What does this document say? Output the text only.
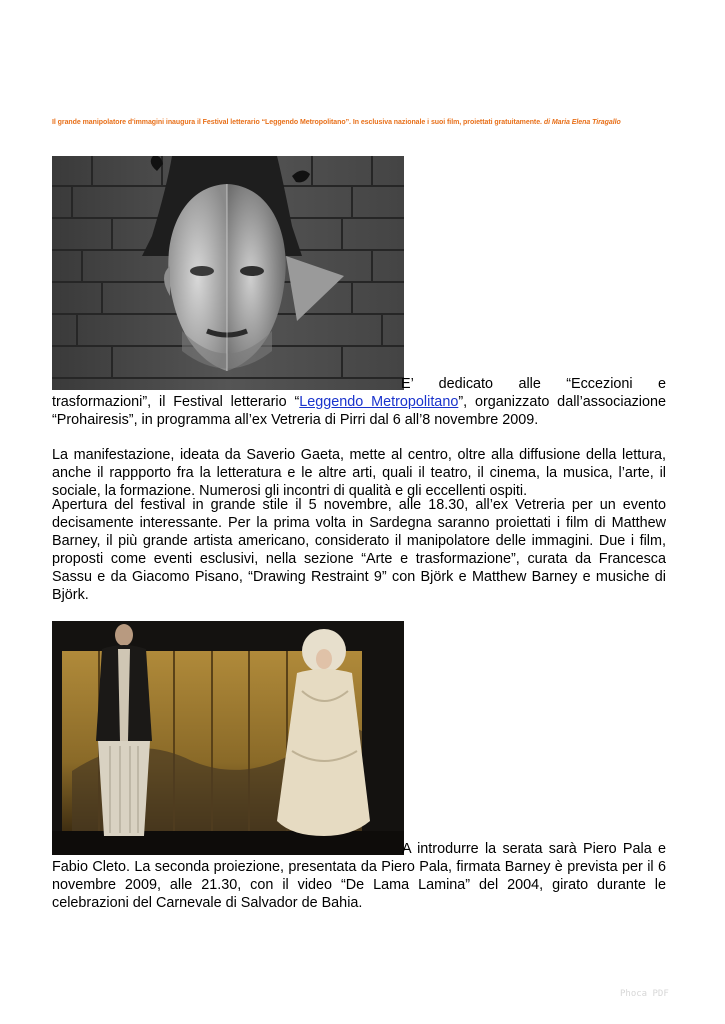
Il grande manipolatore d'immagini inaugura il Festival letterario “Leggendo Metropolitano”. In esclusiva nazionale i suoi film, proiettati gratuitamente. di Maria Elena Tiragallo
E’ dedicato alle “Eccezioni e
trasformazioni”, il Festival letterario “Leggendo Metropolitano”, organizzato dall’associazione “Prohairesis”, in programma all’ex Vetreria di Pirri dal 6 all’8 novembre 2009.
La manifestazione, ideata da Saverio Gaeta, mette al centro, oltre alla diffusione della lettura, anche il rappporto fra la letteratura e le altre arti, quali il teatro, il cinema, la musica, l’arte, il sociale, la formazione. Numerosi gli incontri di qualità e gli eccellenti ospiti.
Apertura del festival in grande stile il 5 novembre, alle 18.30, all’ex Vetreria per un evento decisamente interessante. Per la prima volta in Sardegna saranno proiettati i film di Matthew Barney, il più grande artista americano, considerato il manipolatore delle immagini. Due i film, proposti come eventi esclusivi, nella sezione “Arte e trasformazione”, curata da Francesca Sassu e da Giacomo Pisano, “Drawing Restraint 9” con Björk e Matthew Barney e musiche di Björk.
A introdurre la serata sarà Piero Pala e
Fabio Cleto. La seconda proiezione, presentata da Piero Pala, firmata Barney è prevista per il 6 novembre 2009, alle 21.30, con il video “De Lama Lamina” del 2004, girato durante le celebrazioni del Carnevale di Salvador de Bahia.
Phoca PDF
